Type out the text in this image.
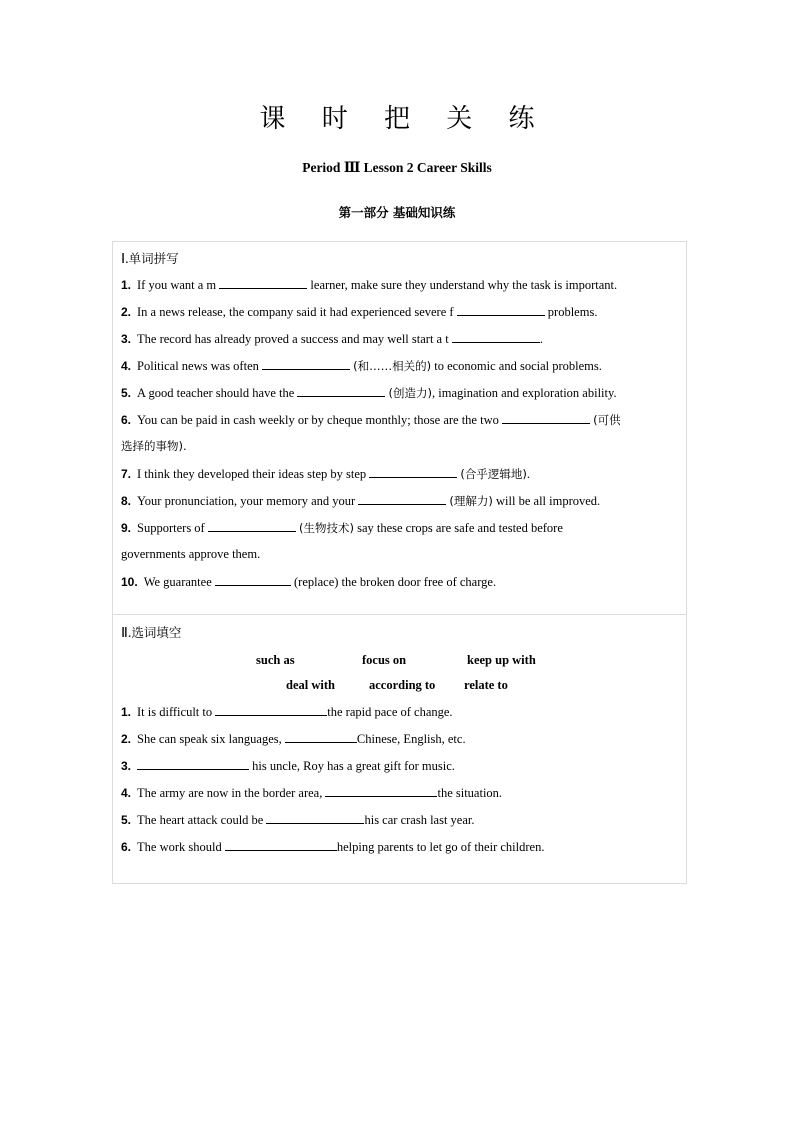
课 时 把 关 练
Period Ⅲ Lesson 2 Career Skills
第一部分 基础知识练
Ⅰ.单词拼写
1. If you want a m	learner, make sure they understand why the task is important.
2. In a news release, the company said it had experienced severe f	problems.
3. The record has already proved a success and may well start a t	.
4. Political news was often	(和……相关的) to economic and social problems.
5. A good teacher should have the	(创造力), imagination and exploration ability.
6. You can be paid in cash weekly or by cheque monthly; those are the two	(可供
选择的事物).
7. I think they developed their ideas step by step	(合乎逻辑地).
8. Your pronunciation, your memory and your	(理解力) will be all improved.
9. Supporters of	(生物技术) say these crops are safe and tested before
governments approve them.
10. We guarantee	(replace) the broken door free of charge.
Ⅱ.选词填空
such as	focus on	keep up with
deal with	according to relate to
1. It is difficult to	the rapid pace of change.
2. She can speak six languages,	Chinese, English, etc.
3.	his uncle, Roy has a great gift for music.
4. The army are now in the border area,	the situation.
5. The heart attack could be	his car crash last year.
6. The work should	helping parents to let go of their children.
